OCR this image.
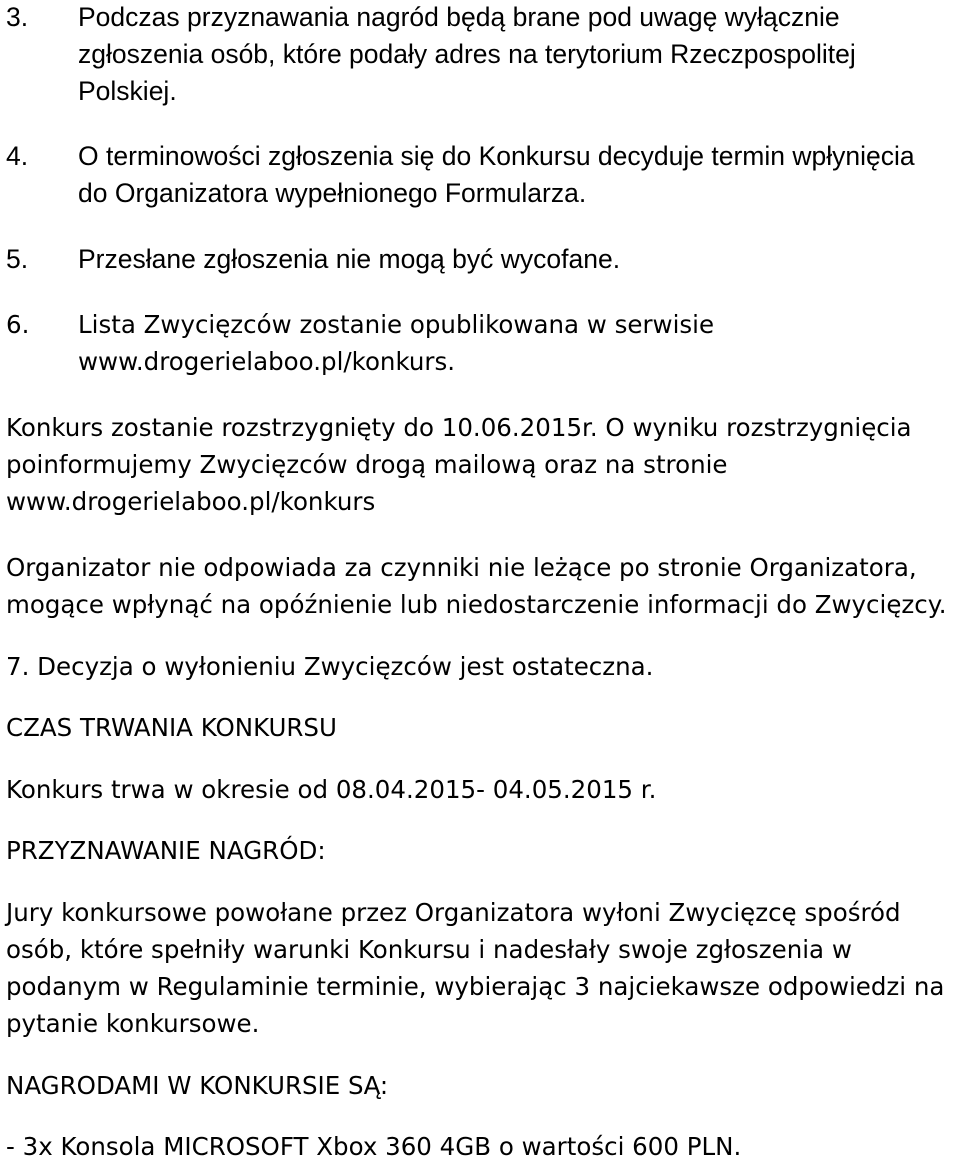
3. Podczas przyznawania nagród będą brane pod uwagę wyłącznie
zgłoszenia osób, które podały adres na terytorium Rzeczpospolitej
Polskiej.
4. O terminowości zgłoszenia się do Konkursu decyduje termin wpłynięcia
do Organizatora wypełnionego Formularza.
5. Przesłane zgłoszenia nie mogą być wycofane.
6. Lista Zwycięzców zostanie opublikowana w serwisie
www.drogerielaboo.pl/konkurs.
Konkurs zostanie rozstrzygnięty do 10.06.2015r. O wyniku rozstrzygnięcia
poinformujemy Zwycięzców drogą mailową oraz na stronie
www.drogerielaboo.pl/konkurs
Organizator nie odpowiada za czynniki nie leżące po stronie Organizatora,
mogące wpłynąć na opóźnienie lub niedostarczenie informacji do Zwycięzcy.
7. Decyzja o wyłonieniu Zwycięzców jest ostateczna.
CZAS TRWANIA KONKURSU
Konkurs trwa w okresie od 08.04.2015- 04.05.2015 r.
PRZYZNAWANIE NAGRÓD:
Jury konkursowe powołane przez Organizatora wyłoni Zwycięzcę spośród
osób, które spełniły warunki Konkursu i nadesłały swoje zgłoszenia w
podanym w Regulaminie terminie, wybierając 3 najciekawsze odpowiedzi na
pytanie konkursowe.
NAGRODAMI W KONKURSIE SĄ:
- 3x Konsola MICROSOFT Xbox 360 4GB o wartości 600 PLN.
